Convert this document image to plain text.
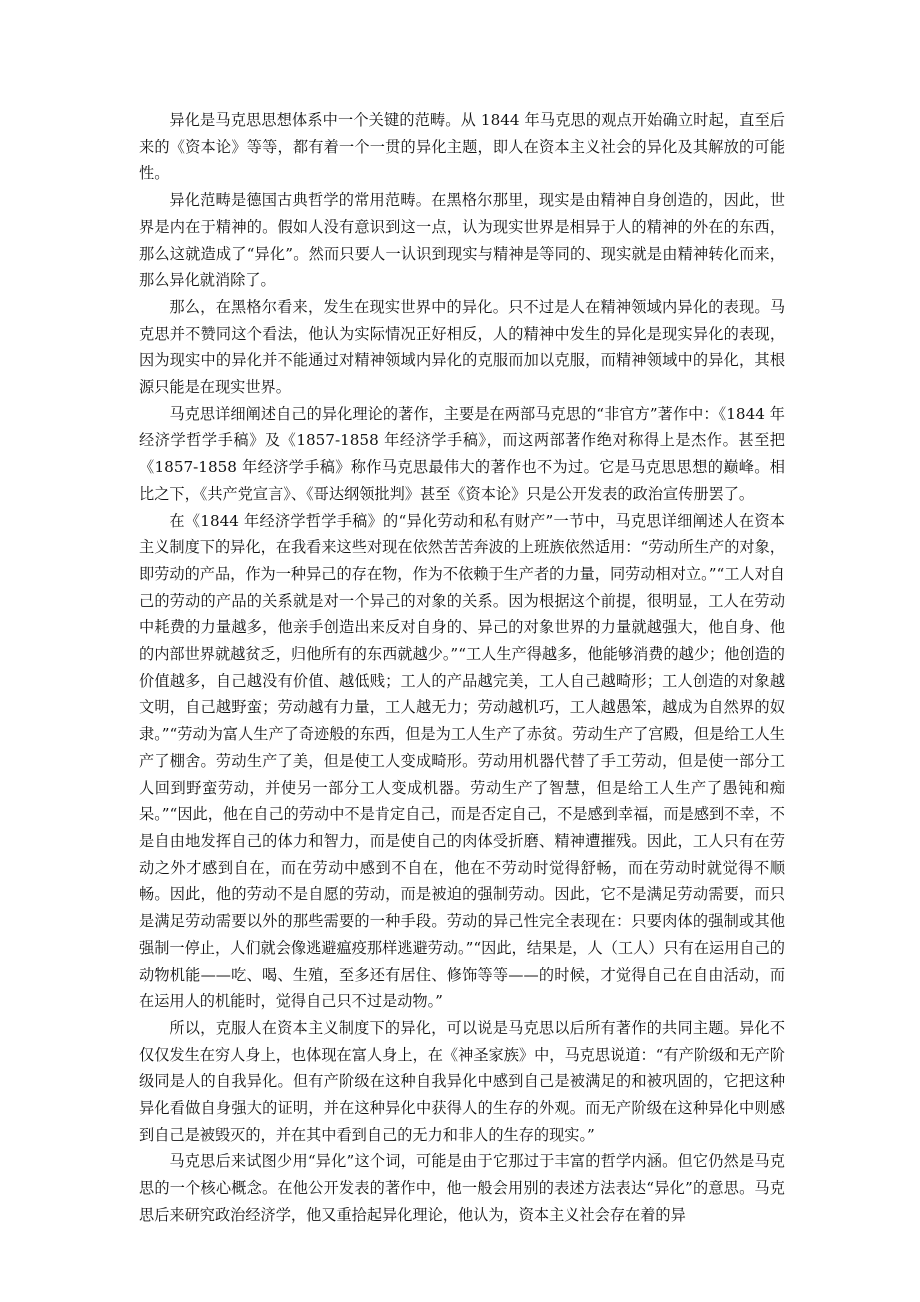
异化是马克思思想体系中一个关键的范畴。从 1844 年马克思的观点开始确立时起，直至后来的《资本论》等等，都有着一个一贯的异化主题，即人在资本主义社会的异化及其解放的可能性。

异化范畴是德国古典哲学的常用范畴。在黑格尔那里，现实是由精神自身创造的，因此，世界是内在于精神的。假如人没有意识到这一点，认为现实世界是相异于人的精神的外在的东西，那么这就造成了“异化”。然而只要人一认识到现实与精神是等同的、现实就是由精神转化而来，那么异化就消除了。

那么，在黑格尔看来，发生在现实世界中的异化。只不过是人在精神领域内异化的表现。马克思并不赞同这个看法，他认为实际情况正好相反，人的精神中发生的异化是现实异化的表现，因为现实中的异化并不能通过对精神领域内异化的克服而加以克服，而精神领域中的异化，其根源只能是在现实世界。

马克思详细阐述自己的异化理论的著作，主要是在两部马克思的“非官方”著作中：《1844 年经济学哲学手稿》及《1857-1858 年经济学手稿》，而这两部著作绝对称得上是杰作。甚至把《1857-1858 年经济学手稿》称作马克思最伟大的著作也不为过。它是马克思思想的巅峰。相比之下，《共产党宣言》、《哥达纲领批判》甚至《资本论》只是公开发表的政治宣传册罢了。

在《1844 年经济学哲学手稿》的“异化劳动和私有财产”一节中，马克思详细阐述人在资本主义制度下的异化，在我看来这些对现在依然苦苦奔波的上班族依然适用：“劳动所生产的对象，即劳动的产品，作为一种异己的存在物，作为不依赖于生产者的力量，同劳动相对立。”“工人对自己的劳动的产品的关系就是对一个异己的对象的关系。因为根据这个前提，很明显，工人在劳动中耗费的力量越多，他亲手创造出来反对自身的、异己的对象世界的力量就越强大，他自身、他的内部世界就越贫乏，归他所有的东西就越少。”“工人生产得越多，他能够消费的越少；他创造的价值越多，自己越没有价值、越低贱；工人的产品越完美，工人自己越畸形；工人创造的对象越文明，自己越野蛮；劳动越有力量，工人越无力；劳动越机巧，工人越愚笨，越成为自然界的奴隶。”“劳动为富人生产了奇迹般的东西，但是为工人生产了赤贫。劳动生产了宫殿，但是给工人生产了棚舍。劳动生产了美，但是使工人变成畸形。劳动用机器代替了手工劳动，但是使一部分工人回到野蛮劳动，并使另一部分工人变成机器。劳动生产了智慧，但是给工人生产了愚钝和痴呆。”“因此，他在自己的劳动中不是肯定自己，而是否定自己，不是感到幸福，而是感到不幸，不是自由地发挥自己的体力和智力，而是使自己的肉体受折磨、精神遭摧残。因此，工人只有在劳动之外才感到自在，而在劳动中感到不自在，他在不劳动时觉得舒畅，而在劳动时就觉得不顺畅。因此，他的劳动不是自愿的劳动，而是被迫的强制劳动。因此，它不是满足劳动需要，而只是满足劳动需要以外的那些需要的一种手段。劳动的异己性完全表现在：只要肉体的强制或其他强制一停止，人们就会像逃避瘟疫那样逃避劳动。”“因此，结果是，人（工人）只有在运用自己的动物机能——吃、喝、生殖，至多还有居住、修饰等等——的时候，才觉得自己在自由活动，而在运用人的机能时，觉得自己只不过是动物。”

所以，克服人在资本主义制度下的异化，可以说是马克思以后所有著作的共同主题。异化不仅仅发生在穷人身上，也体现在富人身上，在《神圣家族》中，马克思说道：“有产阶级和无产阶级同是人的自我异化。但有产阶级在这种自我异化中感到自己是被满足的和被巩固的，它把这种异化看做自身强大的证明，并在这种异化中获得人的生存的外观。而无产阶级在这种异化中则感到自己是被毁灭的，并在其中看到自己的无力和非人的生存的现实。”

马克思后来试图少用“异化”这个词，可能是由于它那过于丰富的哲学内涵。但它仍然是马克思的一个核心概念。在他公开发表的著作中，他一般会用别的表述方法表达“异化”的意思。马克思后来研究政治经济学，他又重拾起异化理论，他认为，资本主义社会存在着的异
